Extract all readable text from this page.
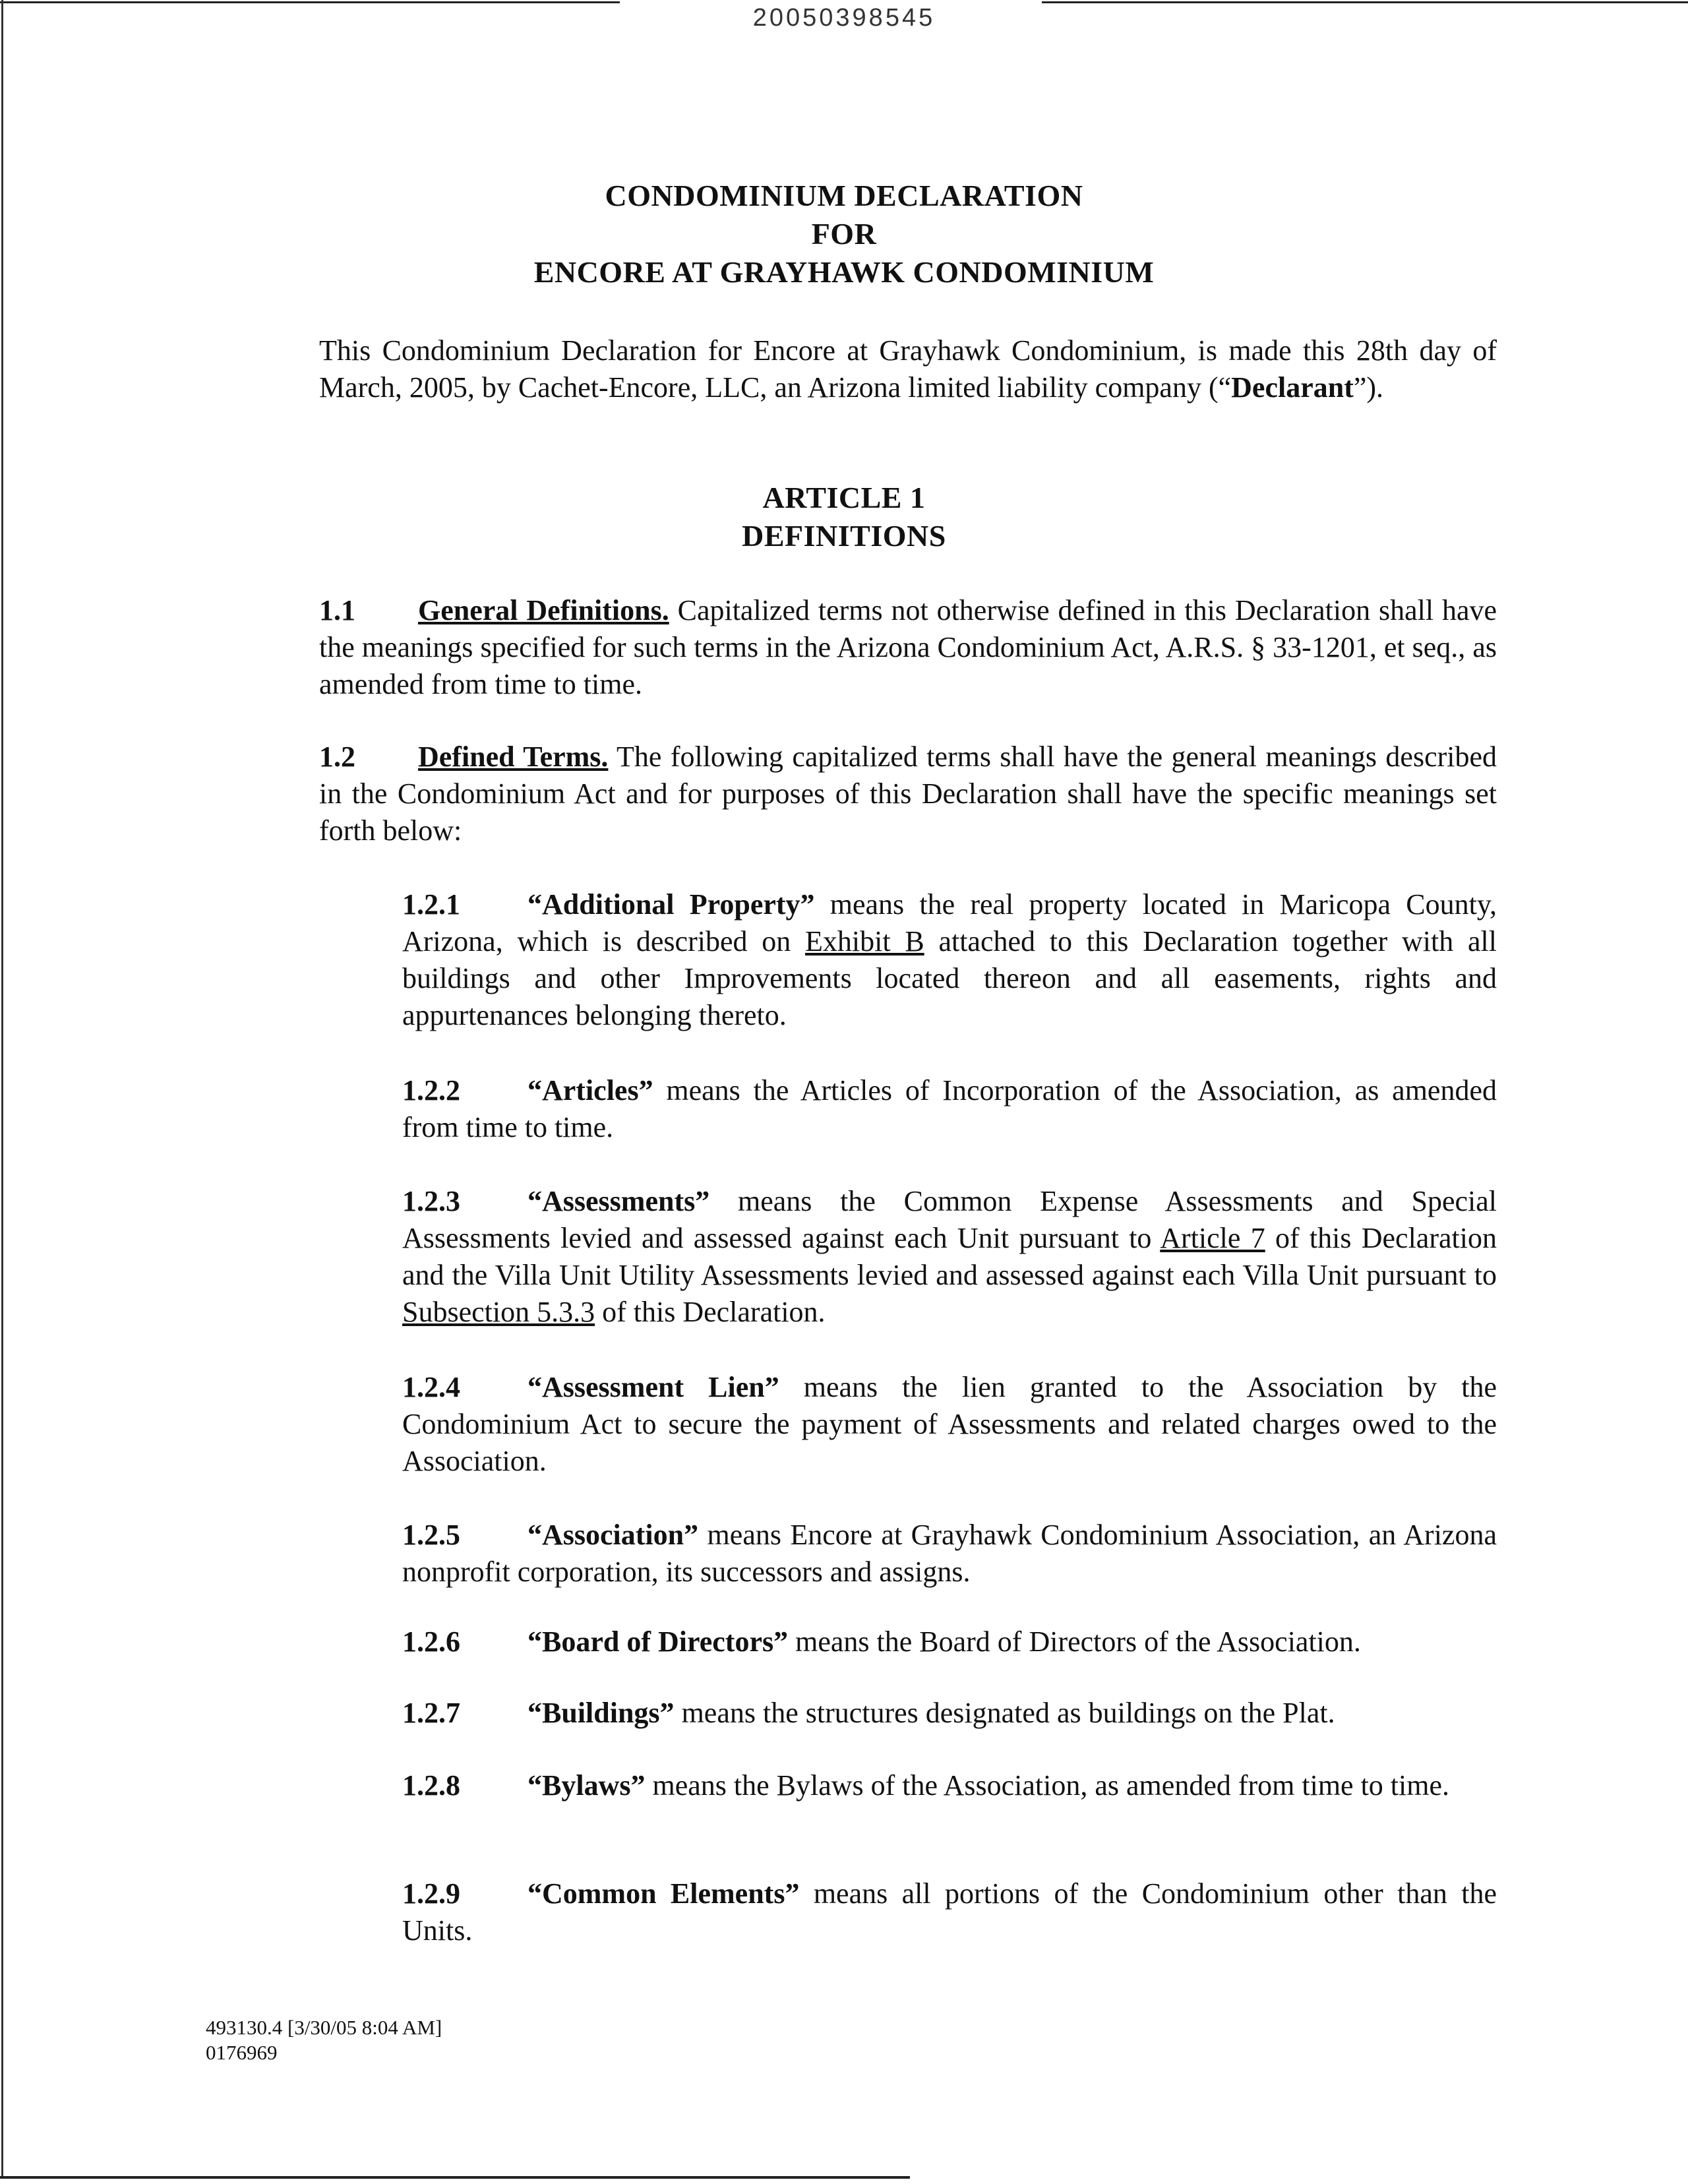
20050398545
CONDOMINIUM DECLARATION
FOR
ENCORE AT GRAYHAWK CONDOMINIUM

This Condominium Declaration for Encore at Grayhawk Condominium, is made this 28th day of March, 2005, by Cachet-Encore, LLC, an Arizona limited liability company (“Declarant”).

ARTICLE 1
DEFINITIONS

1.1 General Definitions. Capitalized terms not otherwise defined in this Declaration shall have the meanings specified for such terms in the Arizona Condominium Act, A.R.S. § 33-1201, et seq., as amended from time to time.

1.2 Defined Terms. The following capitalized terms shall have the general meanings described in the Condominium Act and for purposes of this Declaration shall have the specific meanings set forth below:

1.2.1 “Additional Property” means the real property located in Maricopa County, Arizona, which is described on Exhibit B attached to this Declaration together with all buildings and other Improvements located thereon and all easements, rights and appurtenances belonging thereto.

1.2.2 “Articles” means the Articles of Incorporation of the Association, as amended from time to time.

1.2.3 “Assessments” means the Common Expense Assessments and Special Assessments levied and assessed against each Unit pursuant to Article 7 of this Declaration and the Villa Unit Utility Assessments levied and assessed against each Villa Unit pursuant to Subsection 5.3.3 of this Declaration.

1.2.4 “Assessment Lien” means the lien granted to the Association by the Condominium Act to secure the payment of Assessments and related charges owed to the Association.

1.2.5 “Association” means Encore at Grayhawk Condominium Association, an Arizona nonprofit corporation, its successors and assigns.

1.2.6 “Board of Directors” means the Board of Directors of the Association.

1.2.7 “Buildings” means the structures designated as buildings on the Plat.

1.2.8 “Bylaws” means the Bylaws of the Association, as amended from time to time.

1.2.9 “Common Elements” means all portions of the Condominium other than the Units.

493130.4 [3/30/05 8:04 AM]
0176969
